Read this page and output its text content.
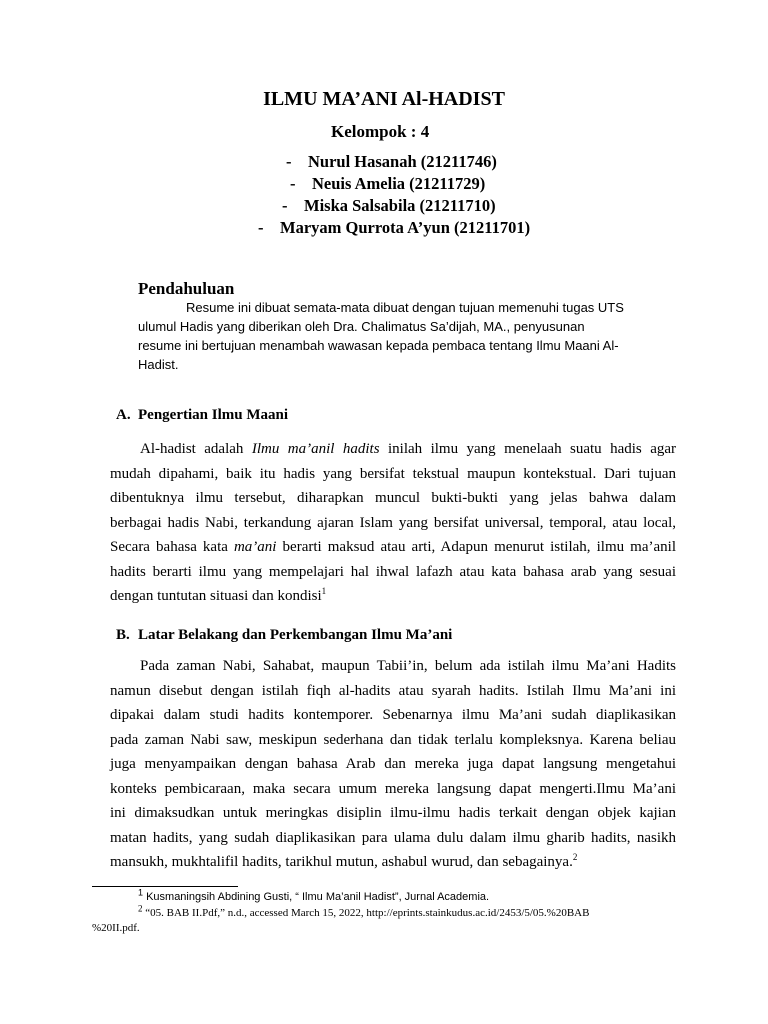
ILMU MA’ANI Al-HADIST
Kelompok : 4
- Nurul Hasanah (21211746)
- Neuis Amelia (21211729)
- Miska Salsabila (21211710)
- Maryam Qurrota A’yun (21211701)
Pendahuluan
Resume ini dibuat semata-mata dibuat dengan tujuan memenuhi tugas UTS
ulumul Hadis yang diberikan oleh Dra. Chalimatus Sa’dijah, MA., penyusunan
resume ini bertujuan menambah wawasan kepada pembaca tentang Ilmu Maani Al-
Hadist.
A. Pengertian Ilmu Maani
Al-hadist adalah Ilmu ma’anil hadits inilah ilmu yang menelaah suatu hadis agar
mudah dipahami, baik itu hadis yang bersifat tekstual maupun kontekstual. Dari tujuan
dibentuknya ilmu tersebut, diharapkan muncul bukti-bukti yang jelas bahwa dalam
berbagai hadis Nabi, terkandung ajaran Islam yang bersifat universal, temporal, atau local,
Secara bahasa kata ma’ani berarti maksud atau arti, Adapun menurut istilah, ilmu ma’anil
hadits berarti ilmu yang mempelajari hal ihwal lafazh atau kata bahasa arab yang sesuai
dengan tuntutan situasi dan kondisi$^1$
B. Latar Belakang dan Perkembangan Ilmu Ma’ani
Pada zaman Nabi, Sahabat, maupun Tabii’in, belum ada istilah ilmu Ma’ani Hadits
namun disebut dengan istilah fiqh al-hadits atau syarah hadits. Istilah Ilmu Ma’ani ini
dipakai dalam studi hadits kontemporer. Sebenarnya ilmu Ma’ani sudah diaplikasikan
pada zaman Nabi saw, meskipun sederhana dan tidak terlalu kompleksnya. Karena beliau
juga menyampaikan dengan bahasa Arab dan mereka juga dapat langsung mengetahui
konteks pembicaraan, maka secara umum mereka langsung dapat mengerti.Ilmu Ma’ani
ini dimaksudkan untuk meringkas disiplin ilmu-ilmu hadis terkait dengan objek kajian
matan hadits, yang sudah diaplikasikan para ulama dulu dalam ilmu gharib hadits, nasikh
mansukh, mukhtalifil hadits, tarikhul mutun, ashabul wurud, dan sebagainya.$^2$
$^1$ Kusmaningsih Abdining Gusti, “ Ilmu Ma’anil Hadist”, Jurnal Academia.
$^2$ “05. BAB II.Pdf,” n.d., accessed March 15, 2022, http://eprints.stainkudus.ac.id/2453/5/05.%20BAB
%20II.pdf.
